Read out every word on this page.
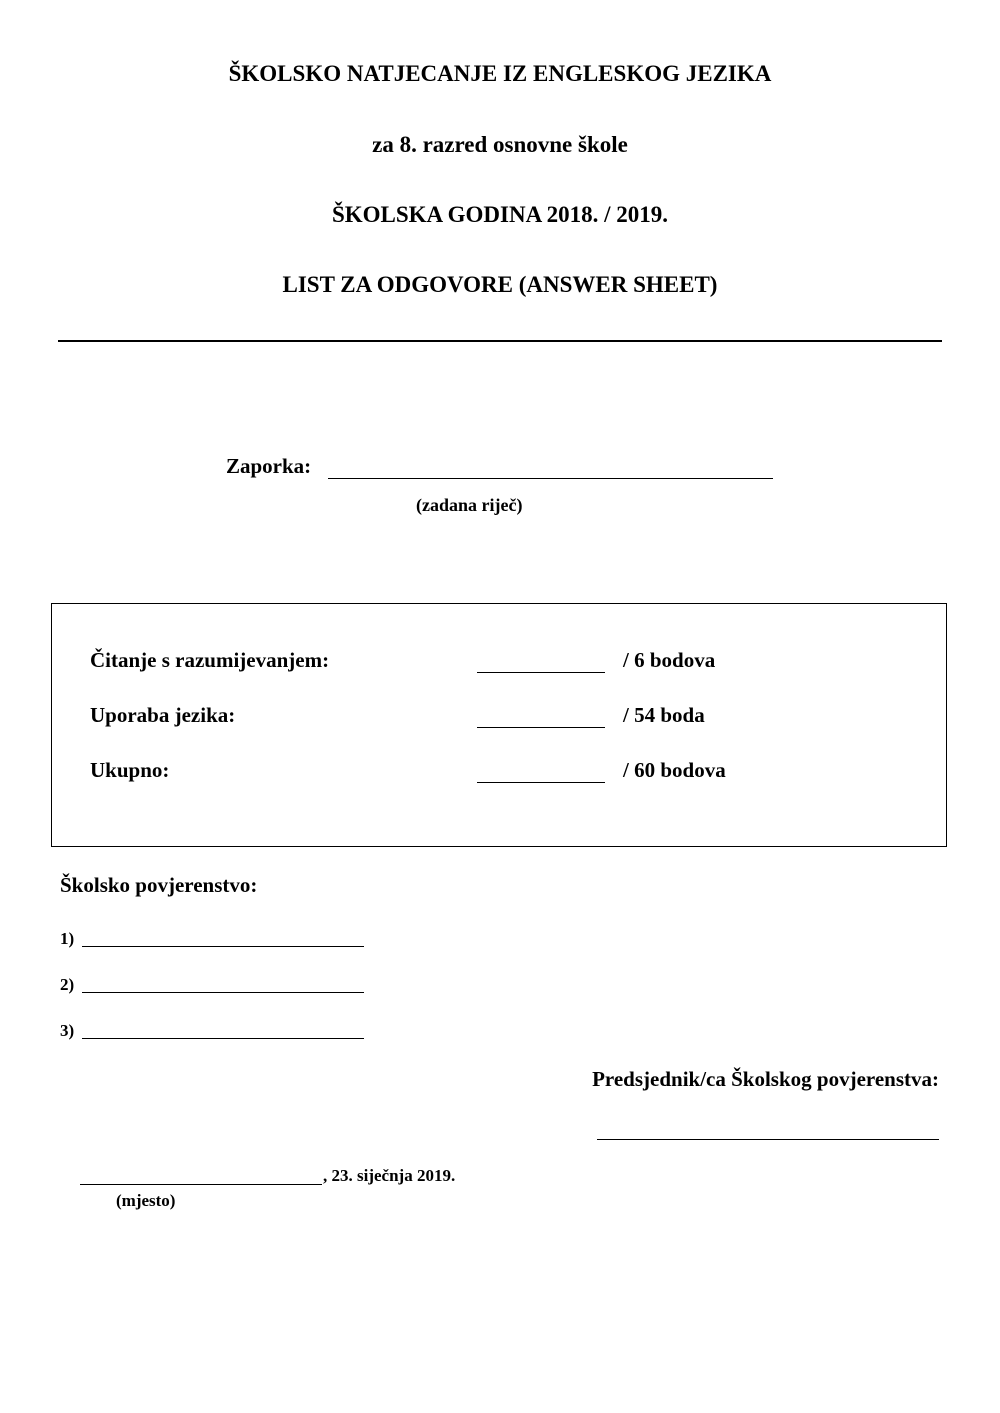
ŠKOLSKO NATJECANJE IZ ENGLESKOG JEZIKA
za 8. razred osnovne škole
ŠKOLSKA GODINA 2018. / 2019.
LIST ZA ODGOVORE (ANSWER SHEET)
Zaporka:
(zadana riječ)
Čitanje s razumijevanjem:	/ 6 bodova
Uporaba jezika:	/ 54 boda
Ukupno:	/ 60 bodova
Školsko povjerenstvo:
1)
2)
3)
Predsjednik/ca Školskog povjerenstva:
, 23. siječnja 2019.
(mjesto)
